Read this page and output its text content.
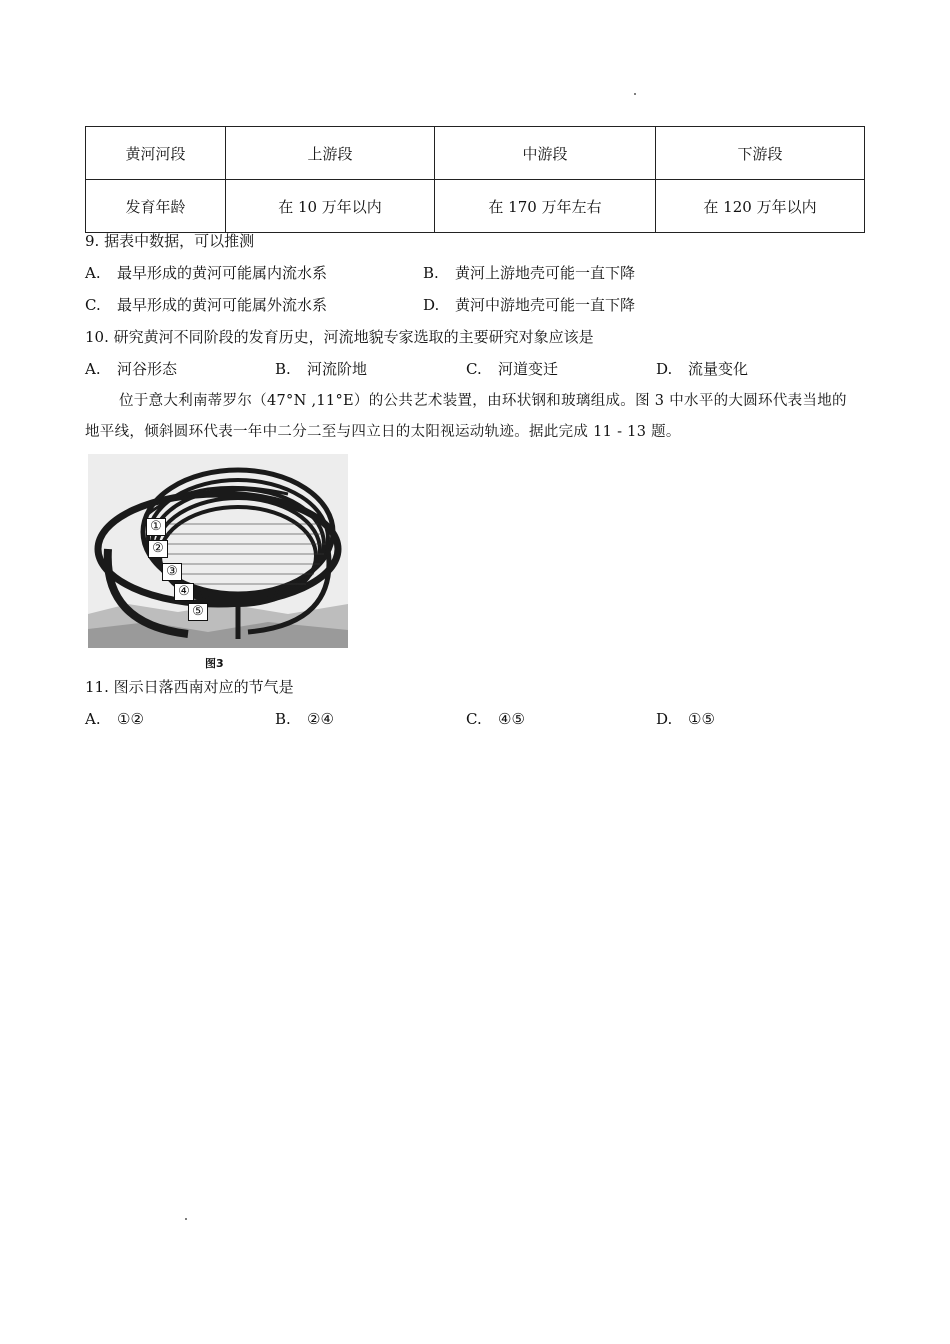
黄河河段	上游段	中游段	下游段
发育年龄	在 10 万年以内	在 170 万年左右	在 120 万年以内
9. 据表中数据，可以推测
A. 最早形成的黄河可能属内流水系	B. 黄河上游地壳可能一直下降
C. 最早形成的黄河可能属外流水系	D. 黄河中游地壳可能一直下降
10. 研究黄河不同阶段的发育历史，河流地貌专家选取的主要研究对象应该是
A. 河谷形态	B. 河流阶地	C. 河道变迁	D. 流量变化
位于意大利南蒂罗尔（47°N ,11°E）的公共艺术装置，由环状钢和玻璃组成。图 3 中水平的大圆环代表当地的地平线，倾斜圆环代表一年中二分二至与四立日的太阳视运动轨迹。据此完成 11 - 13 题。
①
②
③
④
⑤
图3
11. 图示日落西南对应的节气是
A. ①②	B. ②④	C. ④⑤	D. ①⑤
